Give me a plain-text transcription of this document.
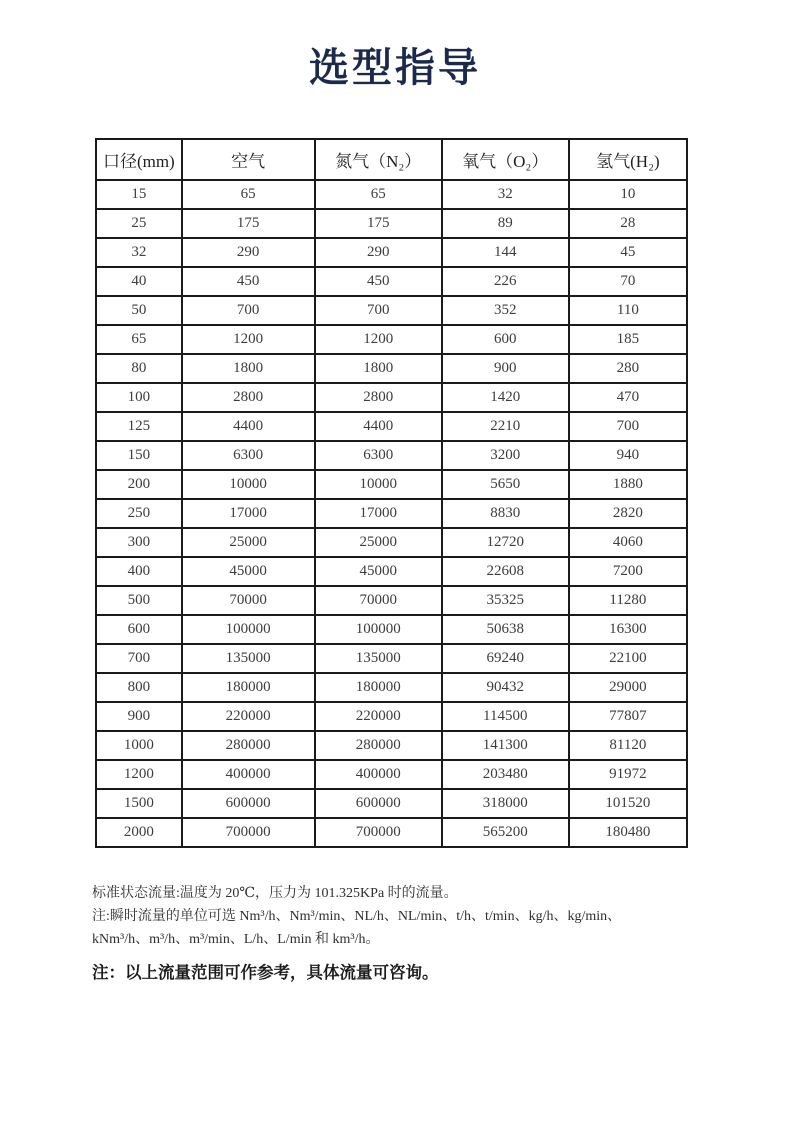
选型指导
口径(mm)	空气	氮气（N₂）	氧气（O₂）	氢气(H₂)
15	65	65	32	10
25	175	175	89	28
32	290	290	144	45
40	450	450	226	70
50	700	700	352	110
65	1200	1200	600	185
80	1800	1800	900	280
100	2800	2800	1420	470
125	4400	4400	2210	700
150	6300	6300	3200	940
200	10000	10000	5650	1880
250	17000	17000	8830	2820
300	25000	25000	12720	4060
400	45000	45000	22608	7200
500	70000	70000	35325	11280
600	100000	100000	50638	16300
700	135000	135000	69240	22100
800	180000	180000	90432	29000
900	220000	220000	114500	77807
1000	280000	280000	141300	81120
1200	400000	400000	203480	91972
1500	600000	600000	318000	101520
2000	700000	700000	565200	180480

标准状态流量:温度为 20℃，压力为 101.325KPa 时的流量。

注:瞬时流量的单位可选 Nm³/h、Nm³/min、NL/h、NL/min、t/h、t/min、kg/h、kg/min、

kNm³/h、m³/h、m³/min、L/h、L/min 和 km³/h。

注：以上流量范围可作参考，具体流量可咨询。
